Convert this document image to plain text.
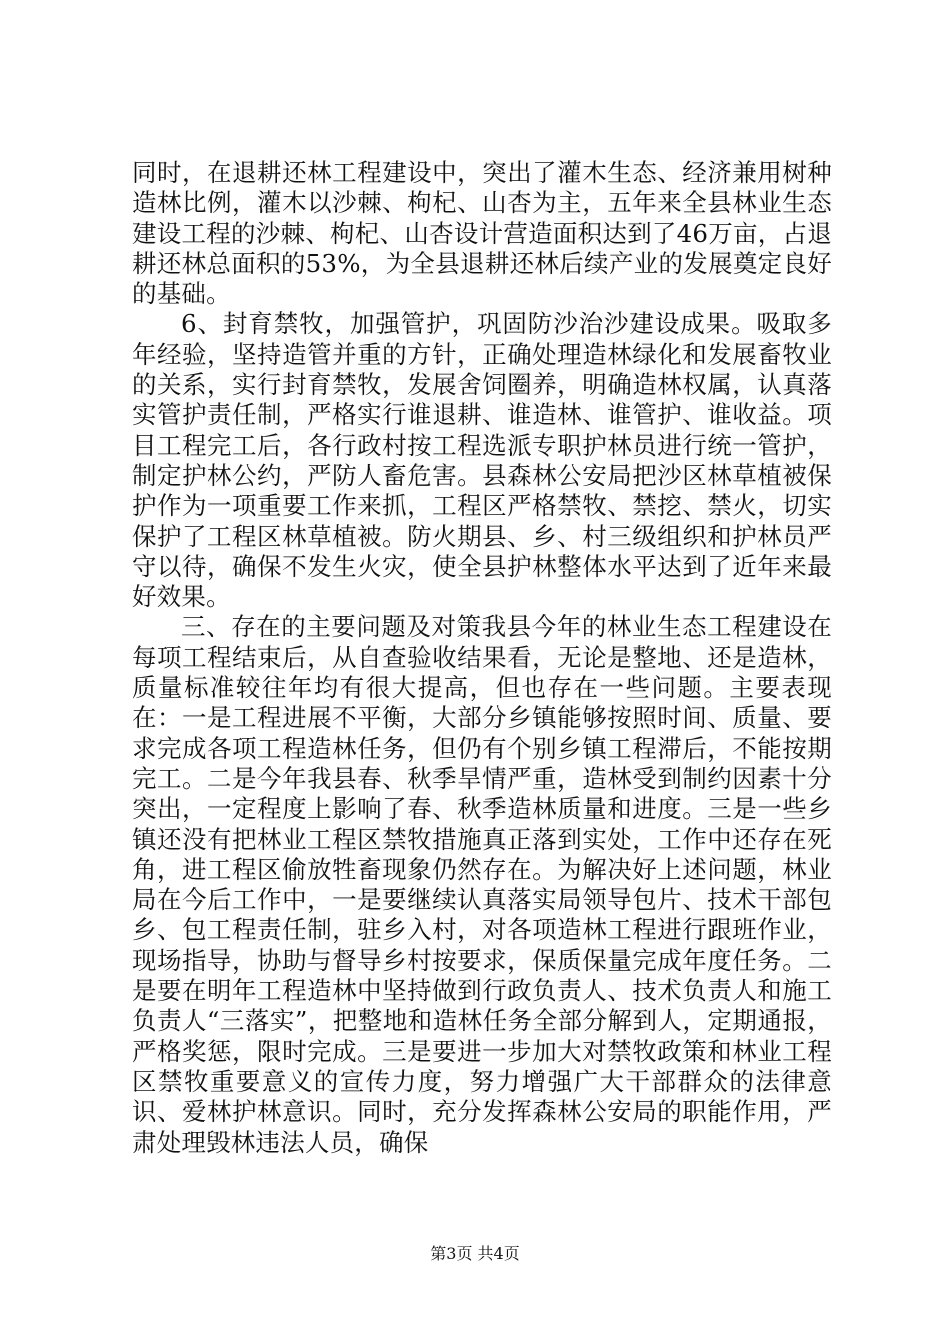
同时，在退耕还林工程建设中，突出了灌木生态、经济兼用树种造林比例，灌木以沙棘、枸杞、山杏为主，五年来全县林业生态建设工程的沙棘、枸杞、山杏设计营造面积达到了46万亩，占退耕还林总面积的53%，为全县退耕还林后续产业的发展奠定良好的基础。

6、封育禁牧，加强管护，巩固防沙治沙建设成果。吸取多年经验，坚持造管并重的方针，正确处理造林绿化和发展畜牧业的关系，实行封育禁牧，发展舍饲圈养，明确造林权属，认真落实管护责任制，严格实行谁退耕、谁造林、谁管护、谁收益。项目工程完工后，各行政村按工程选派专职护林员进行统一管护，制定护林公约，严防人畜危害。县森林公安局把沙区林草植被保护作为一项重要工作来抓，工程区严格禁牧、禁挖、禁火，切实保护了工程区林草植被。防火期县、乡、村三级组织和护林员严守以待，确保不发生火灾，使全县护林整体水平达到了近年来最好效果。

三、存在的主要问题及对策我县今年的林业生态工程建设在每项工程结束后，从自查验收结果看，无论是整地、还是造林，质量标准较往年均有很大提高，但也存在一些问题。主要表现在：一是工程进展不平衡，大部分乡镇能够按照时间、质量、要求完成各项工程造林任务，但仍有个别乡镇工程滞后，不能按期完工。二是今年我县春、秋季旱情严重，造林受到制约因素十分突出，一定程度上影响了春、秋季造林质量和进度。三是一些乡镇还没有把林业工程区禁牧措施真正落到实处，工作中还存在死角，进工程区偷放牲畜现象仍然存在。为解决好上述问题，林业局在今后工作中，一是要继续认真落实局领导包片、技术干部包乡、包工程责任制，驻乡入村，对各项造林工程进行跟班作业，现场指导，协助与督导乡村按要求，保质保量完成年度任务。二是要在明年工程造林中坚持做到行政负责人、技术负责人和施工负责人“三落实”，把整地和造林任务全部分解到人，定期通报，严格奖惩，限时完成。三是要进一步加大对禁牧政策和林业工程区禁牧重要意义的宣传力度，努力增强广大干部群众的法律意识、爱林护林意识。同时，充分发挥森林公安局的职能作用，严肃处理毁林违法人员，确保

第3页 共4页
